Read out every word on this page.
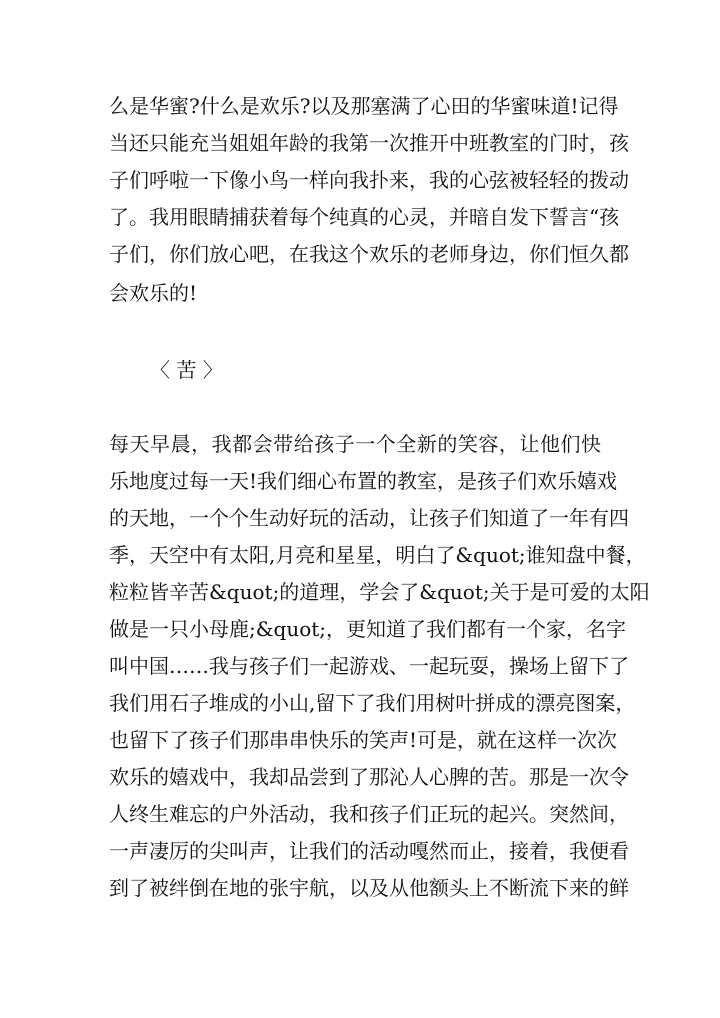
么是华蜜?什么是欢乐?以及那塞满了心田的华蜜味道!记得
当还只能充当姐姐年龄的我第一次推开中班教室的门时，孩
子们呼啦一下像小鸟一样向我扑来，我的心弦被轻轻的拨动
了。我用眼睛捕获着每个纯真的心灵，并暗自发下誓言“孩
子们，你们放心吧，在我这个欢乐的老师身边，你们恒久都
会欢乐的!
〈 苦 〉
每天早晨，我都会带给孩子一个全新的笑容，让他们快
乐地度过每一天!我们细心布置的教室，是孩子们欢乐嬉戏
的天地，一个个生动好玩的活动，让孩子们知道了一年有四
季，天空中有太阳,月亮和星星，明白了&quot;谁知盘中餐，
粒粒皆辛苦&quot;的道理，学会了&quot;关于是可爱的太阳
做是一只小母鹿;&quot;，更知道了我们都有一个家，名字
叫中国……我与孩子们一起游戏、一起玩耍，操场上留下了
我们用石子堆成的小山,留下了我们用树叶拼成的漂亮图案，
也留下了孩子们那串串快乐的笑声!可是，就在这样一次次
欢乐的嬉戏中，我却品尝到了那沁人心脾的苦。那是一次令
人终生难忘的户外活动，我和孩子们正玩的起兴。突然间，
一声凄厉的尖叫声，让我们的活动嘎然而止，接着，我便看
到了被绊倒在地的张宇航，以及从他额头上不断流下来的鲜
